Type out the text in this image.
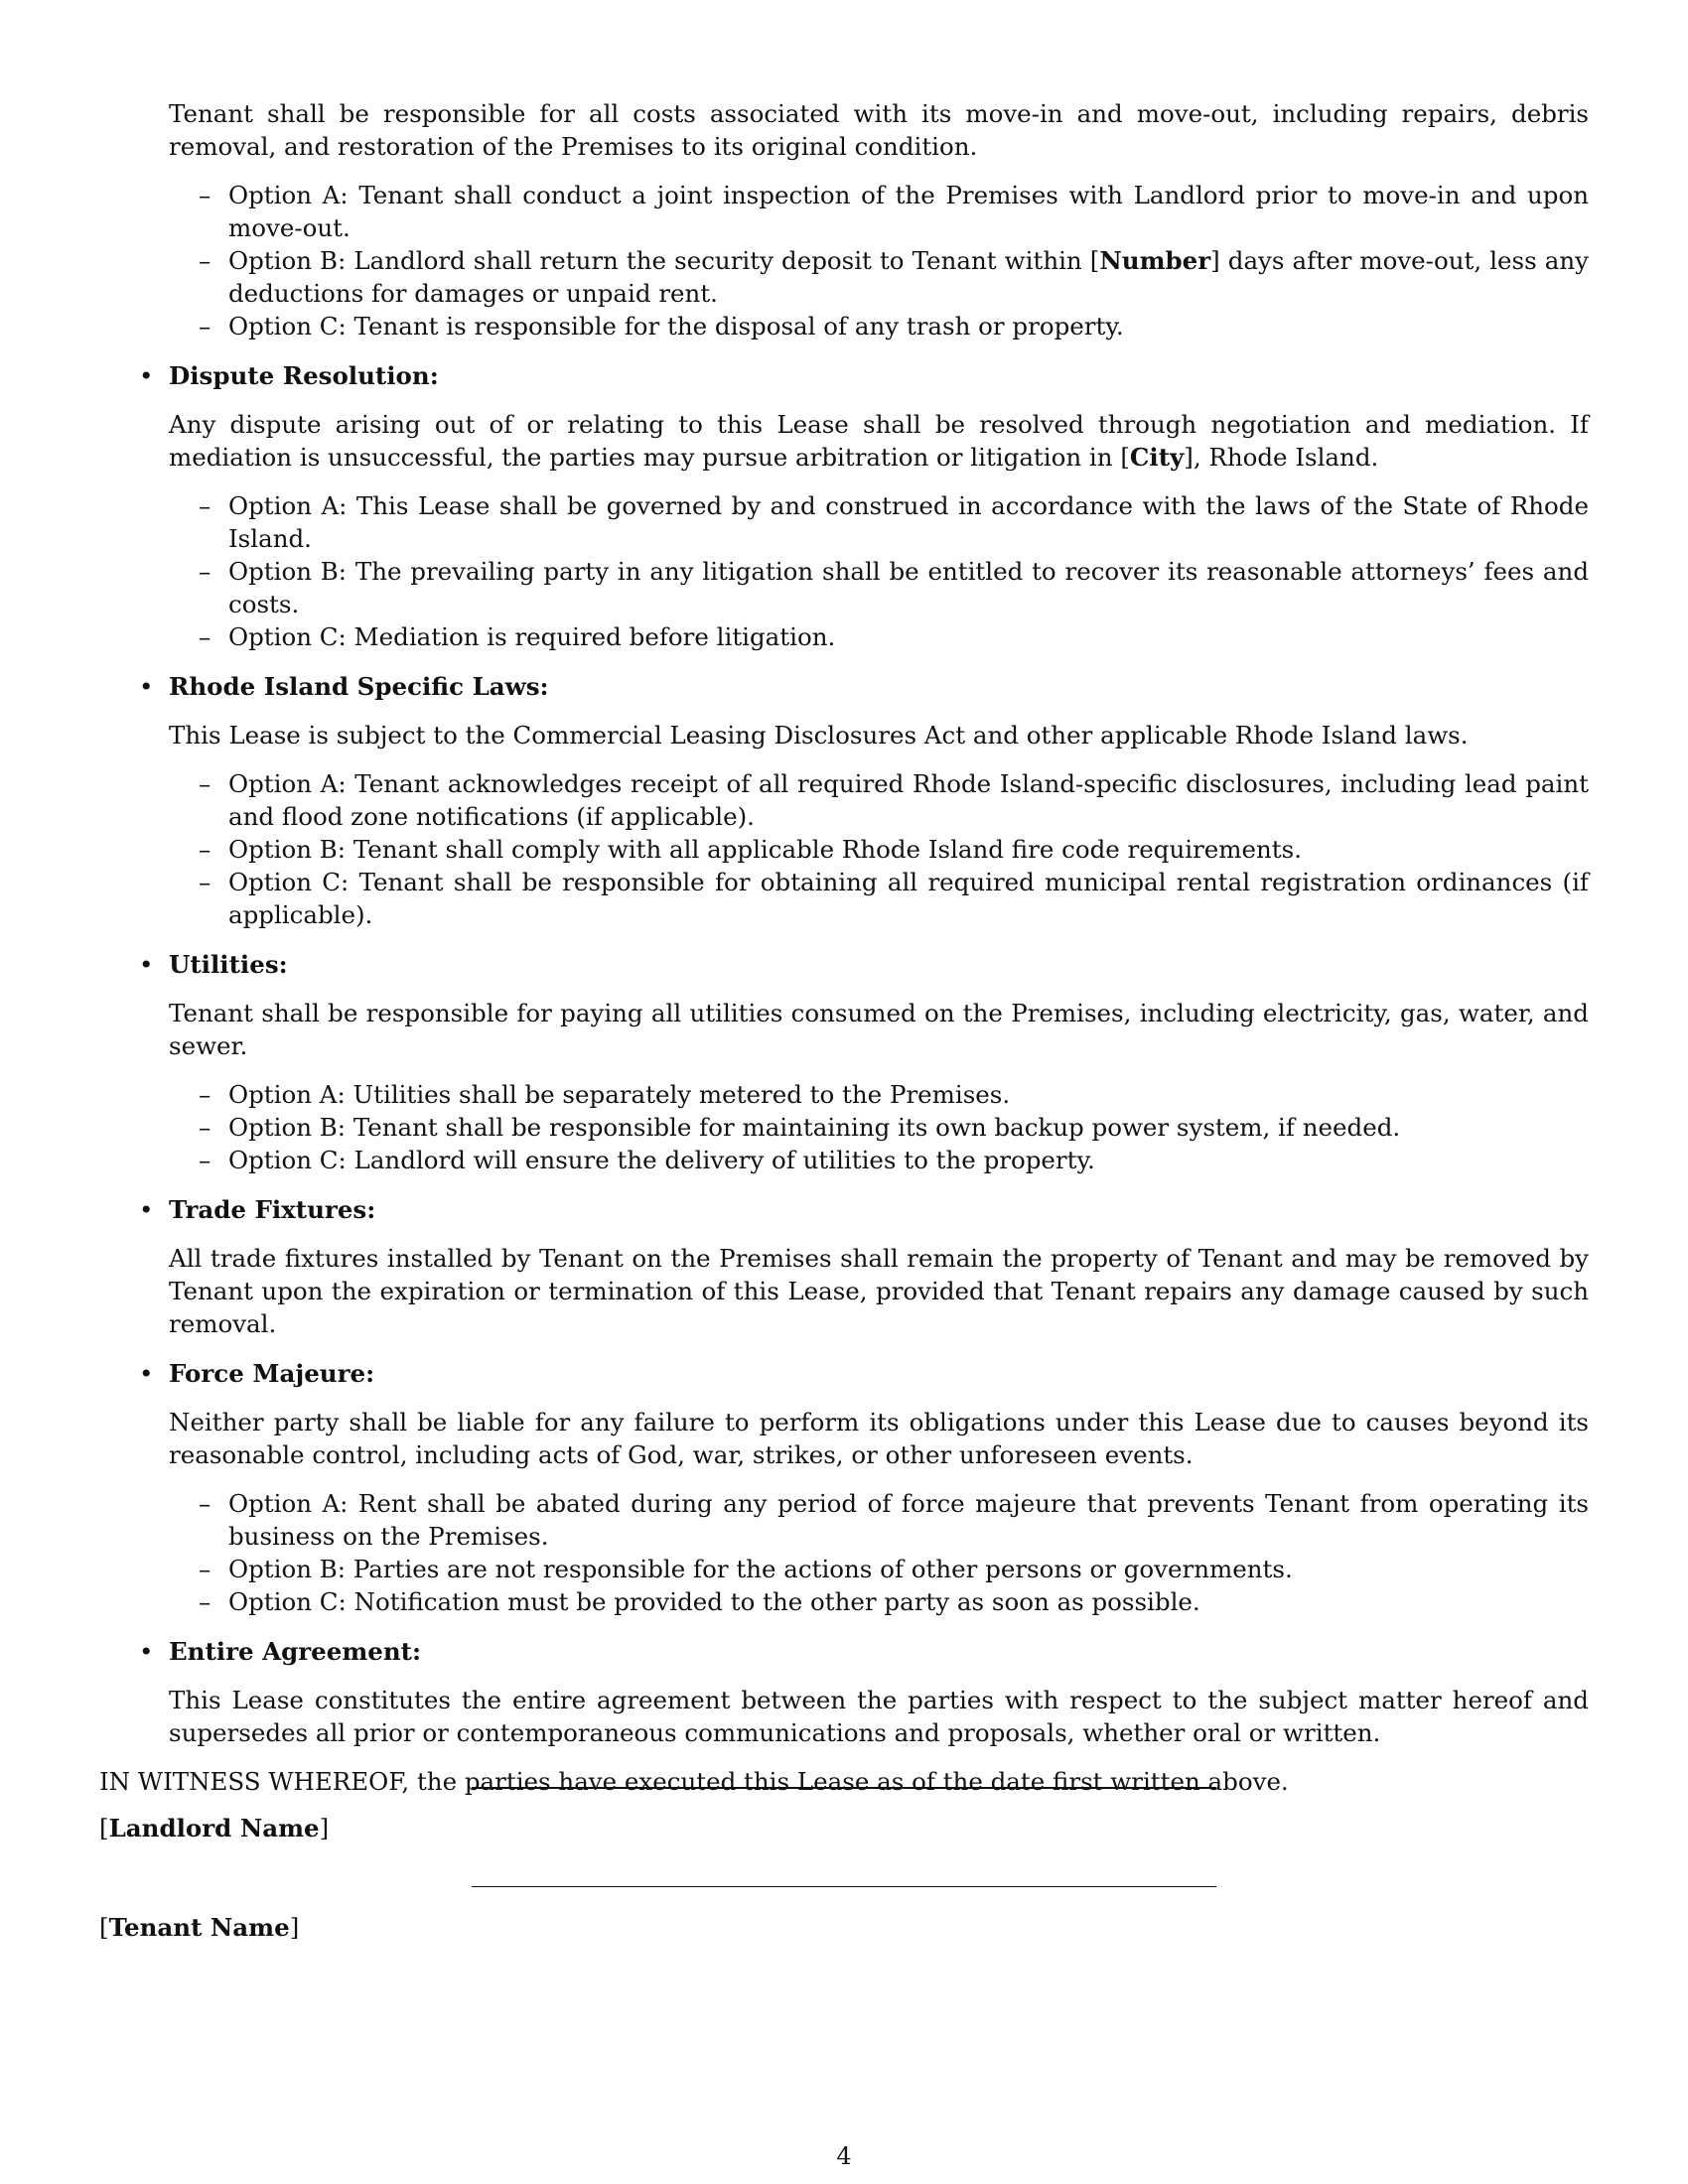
Tenant shall be responsible for all costs associated with its move-in and move-out, including repairs, debris removal, and restoration of the Premises to its original condition.

– Option A: Tenant shall conduct a joint inspection of the Premises with Landlord prior to move-in and upon move-out.
– Option B: Landlord shall return the security deposit to Tenant within [Number] days after move-out, less any deductions for damages or unpaid rent.
– Option C: Tenant is responsible for the disposal of any trash or property.
• Dispute Resolution:

Any dispute arising out of or relating to this Lease shall be resolved through negotiation and mediation. If mediation is unsuccessful, the parties may pursue arbitration or litigation in [City], Rhode Island.

– Option A: This Lease shall be governed by and construed in accordance with the laws of the State of Rhode Island.
– Option B: The prevailing party in any litigation shall be entitled to recover its reasonable attorneys’ fees and costs.
– Option C: Mediation is required before litigation.
• Rhode Island Specific Laws:

This Lease is subject to the Commercial Leasing Disclosures Act and other applicable Rhode Island laws.

– Option A: Tenant acknowledges receipt of all required Rhode Island-specific disclosures, including lead paint and flood zone notifications (if applicable).
– Option B: Tenant shall comply with all applicable Rhode Island fire code requirements.
– Option C: Tenant shall be responsible for obtaining all required municipal rental registration ordinances (if applicable).
• Utilities:

Tenant shall be responsible for paying all utilities consumed on the Premises, including electricity, gas, water, and sewer.

– Option A: Utilities shall be separately metered to the Premises.
– Option B: Tenant shall be responsible for maintaining its own backup power system, if needed.
– Option C: Landlord will ensure the delivery of utilities to the property.
• Trade Fixtures:

All trade fixtures installed by Tenant on the Premises shall remain the property of Tenant and may be removed by Tenant upon the expiration or termination of this Lease, provided that Tenant repairs any damage caused by such removal.

• Force Majeure:

Neither party shall be liable for any failure to perform its obligations under this Lease due to causes beyond its reasonable control, including acts of God, war, strikes, or other unforeseen events.

– Option A: Rent shall be abated during any period of force majeure that prevents Tenant from operating its business on the Premises.
– Option B: Parties are not responsible for the actions of other persons or governments.
– Option C: Notification must be provided to the other party as soon as possible.
• Entire Agreement:

This Lease constitutes the entire agreement between the parties with respect to the subject matter hereof and supersedes all prior or contemporaneous communications and proposals, whether oral or written.

IN WITNESS WHEREOF, the parties have executed this Lease as of the date first written above.

[Landlord Name]
[Tenant Name]
4
